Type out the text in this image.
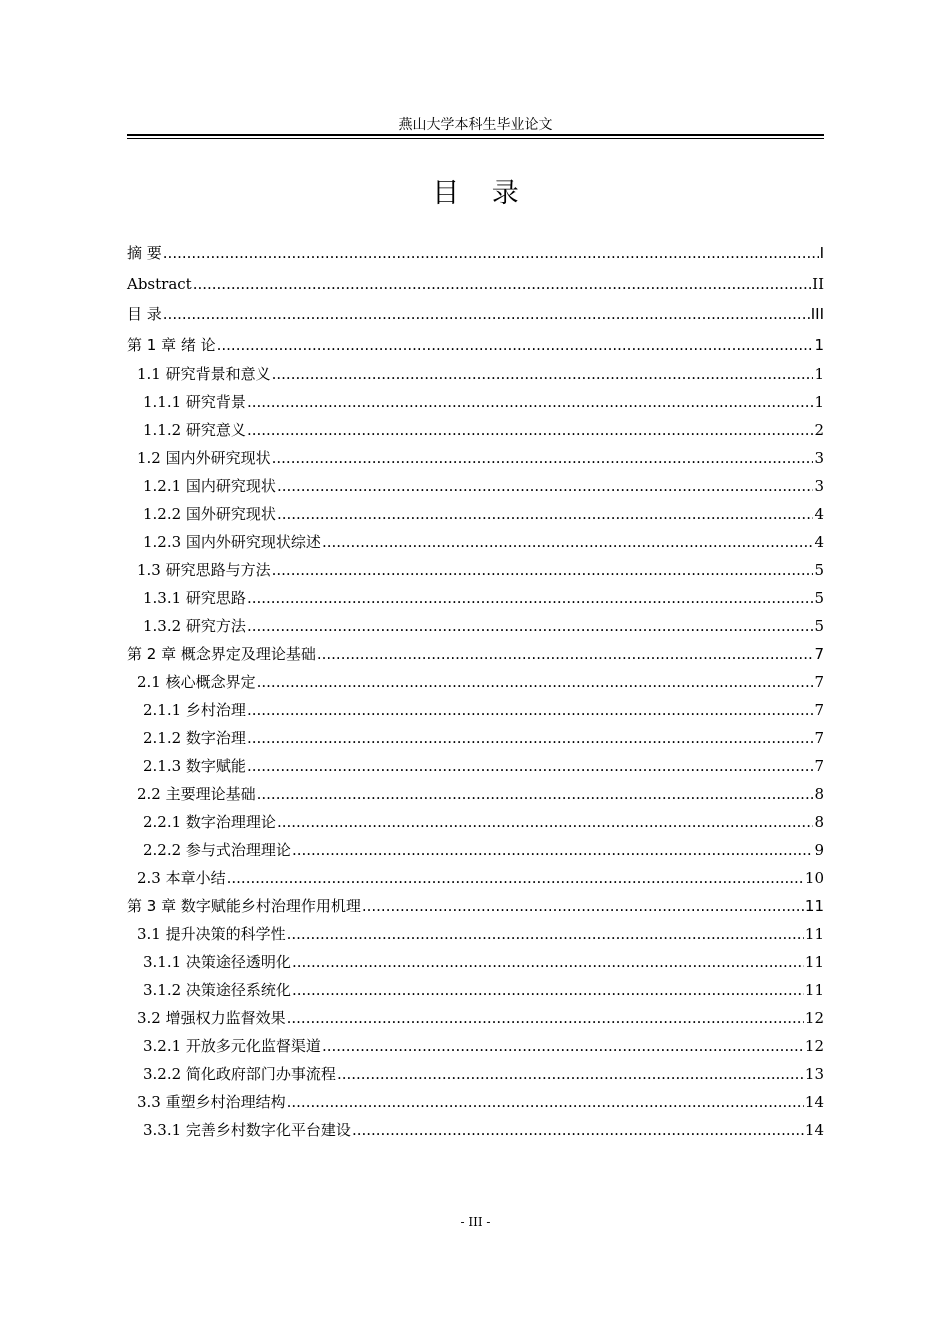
燕山大学本科生毕业论文
目 录
摘 要 .....	I
Abstract .....	II
目 录 .....	III
第 1 章 绪 论 .....	1
1.1 研究背景和意义 .....	1
1.1.1 研究背景 .....	1
1.1.2 研究意义 .....	2
1.2 国内外研究现状 .....	3
1.2.1 国内研究现状 .....	3
1.2.2 国外研究现状 .....	4
1.2.3 国内外研究现状综述 .....	4
1.3 研究思路与方法 .....	5
1.3.1 研究思路 .....	5
1.3.2 研究方法 .....	5
第 2 章 概念界定及理论基础 .....	7
2.1 核心概念界定 .....	7
2.1.1 乡村治理 .....	7
2.1.2 数字治理 .....	7
2.1.3 数字赋能 .....	7
2.2 主要理论基础 .....	8
2.2.1 数字治理理论 .....	8
2.2.2 参与式治理理论 .....	9
2.3 本章小结 .....	10
第 3 章 数字赋能乡村治理作用机理 .....	11
3.1 提升决策的科学性 .....	11
3.1.1 决策途径透明化 .....	11
3.1.2 决策途径系统化 .....	11
3.2 增强权力监督效果 .....	12
3.2.1 开放多元化监督渠道 .....	12
3.2.2 简化政府部门办事流程 .....	13
3.3 重塑乡村治理结构 .....	14
3.3.1 完善乡村数字化平台建设 .....	14
- III -
